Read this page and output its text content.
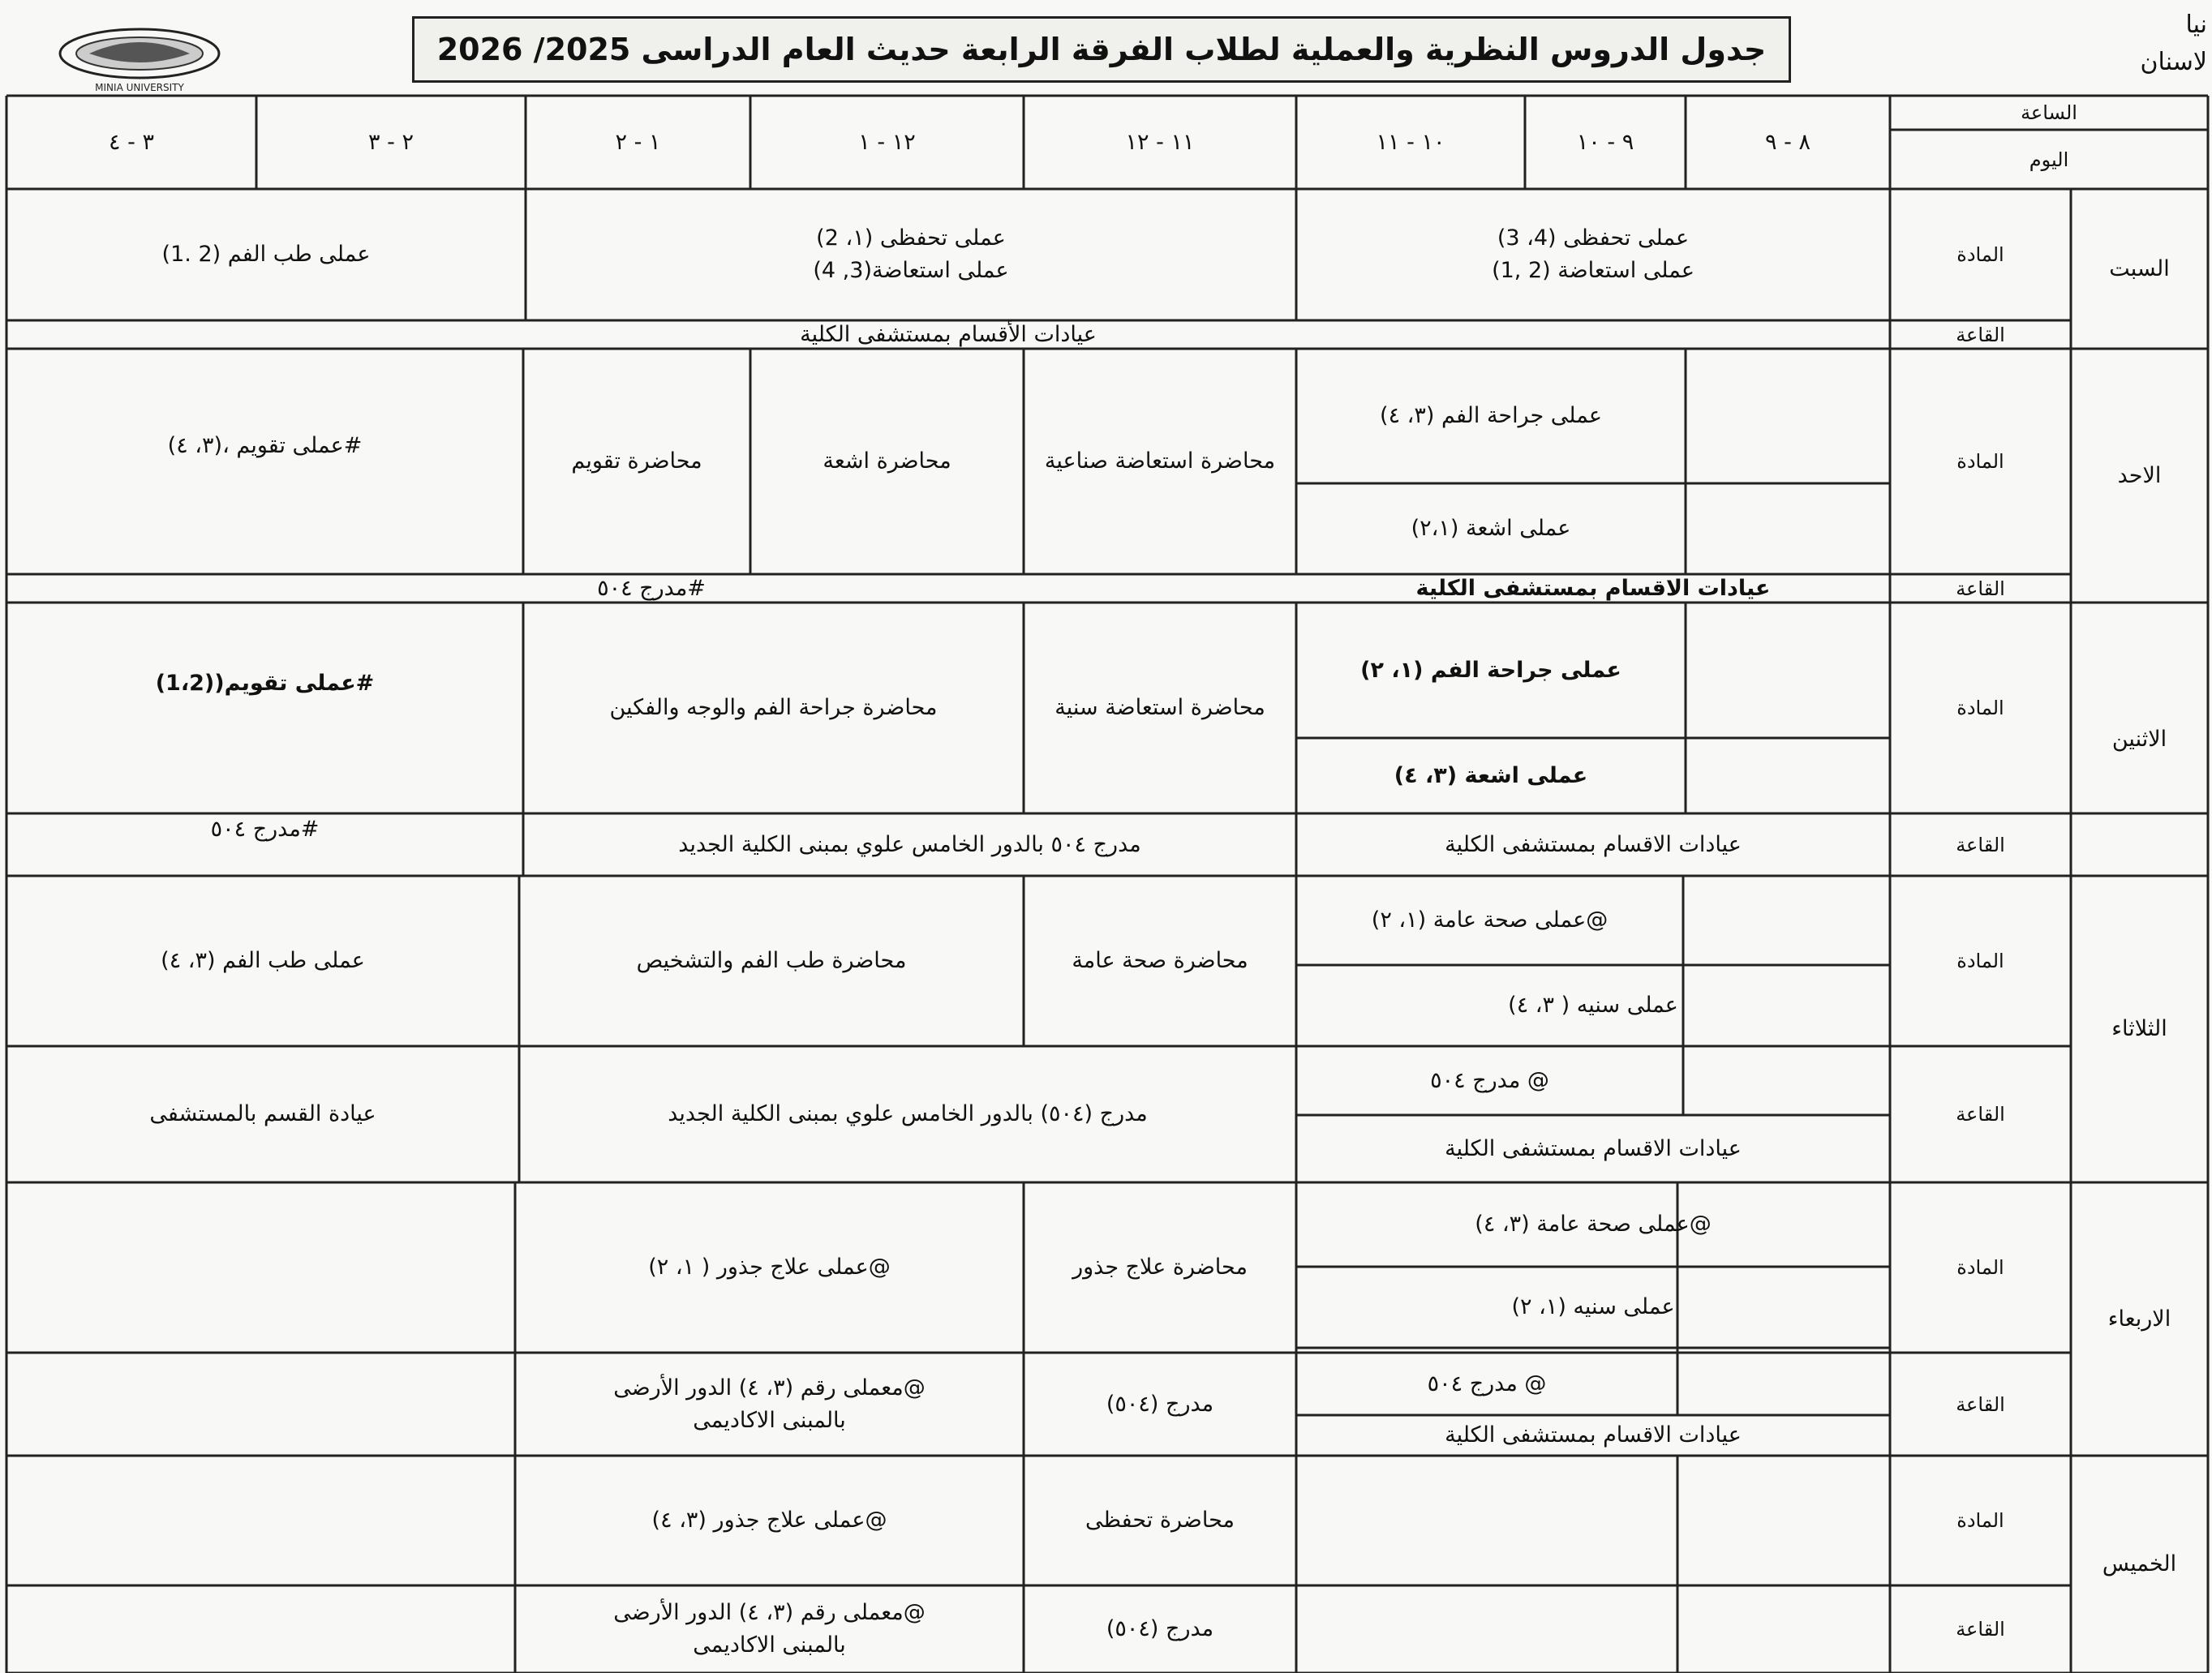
جدول الدروس النظرية والعملية لطلاب الفرقة الرابعة حديث العام الدراسى 2025/ 2026
MINIA UNIVERSITY
نيا
لاسنان
الساعة
اليوم
٨ - ٩
٩ - ١٠
١٠ - ١١
١١ - ١٢
١٢ - ١
١ - ٢
٢ - ٣
٣ - ٤
السبت
المادة
القاعة
عملى تحفظى (4، 3)
عملى استعاضة (2 ,1)
عملى تحفظى (١، 2)
عملى استعاضة(3, 4)
عملى طب الفم (2 .1)
عيادات الأقسام بمستشفى الكلية
الاحد
المادة
القاعة
عملى جراحة الفم (٣، ٤)
عملى اشعة (٢،١)
محاضرة استعاضة صناعية
محاضرة اشعة
محاضرة تقويم
#عملى تقويم ،(٣، ٤)
عيادات الاقسام بمستشفى الكلية
#مدرج ٥٠٤
الاثنين
المادة
القاعة
عملى جراحة الفم (١، ٢)
عملى اشعة (٣، ٤)
محاضرة استعاضة سنية
محاضرة جراحة الفم والوجه والفكين
#عملى تقويم((1،2)
عيادات الاقسام بمستشفى الكلية
مدرج ٥٠٤ بالدور الخامس علوي بمبنى الكلية الجديد
#مدرج ٥٠٤
الثلاثاء
المادة
القاعة
@عملى صحة عامة (١، ٢)
عملى سنيه ( ٣، ٤)
محاضرة صحة عامة
محاضرة طب الفم والتشخيص
عملى طب الفم (٣، ٤)
@ مدرج ٥٠٤
عيادات الاقسام بمستشفى الكلية
مدرج (٥٠٤) بالدور الخامس علوي بمبنى الكلية الجديد
عيادة القسم بالمستشفى
الاربعاء
المادة
القاعة
@عملى صحة عامة (٣، ٤)
عملى سنيه (١، ٢)
محاضرة علاج جذور
@عملى علاج جذور ( ١، ٢)
@ مدرج ٥٠٤
عيادات الاقسام بمستشفى الكلية
مدرج (٥٠٤)
@معملى رقم (٣، ٤) الدور الأرضى
بالمبنى الاكاديمى
الخميس
المادة
القاعة
محاضرة تحفظى
@عملى علاج جذور (٣، ٤)
مدرج (٥٠٤)
@معملى رقم (٣، ٤) الدور الأرضى
بالمبنى الاكاديمى
